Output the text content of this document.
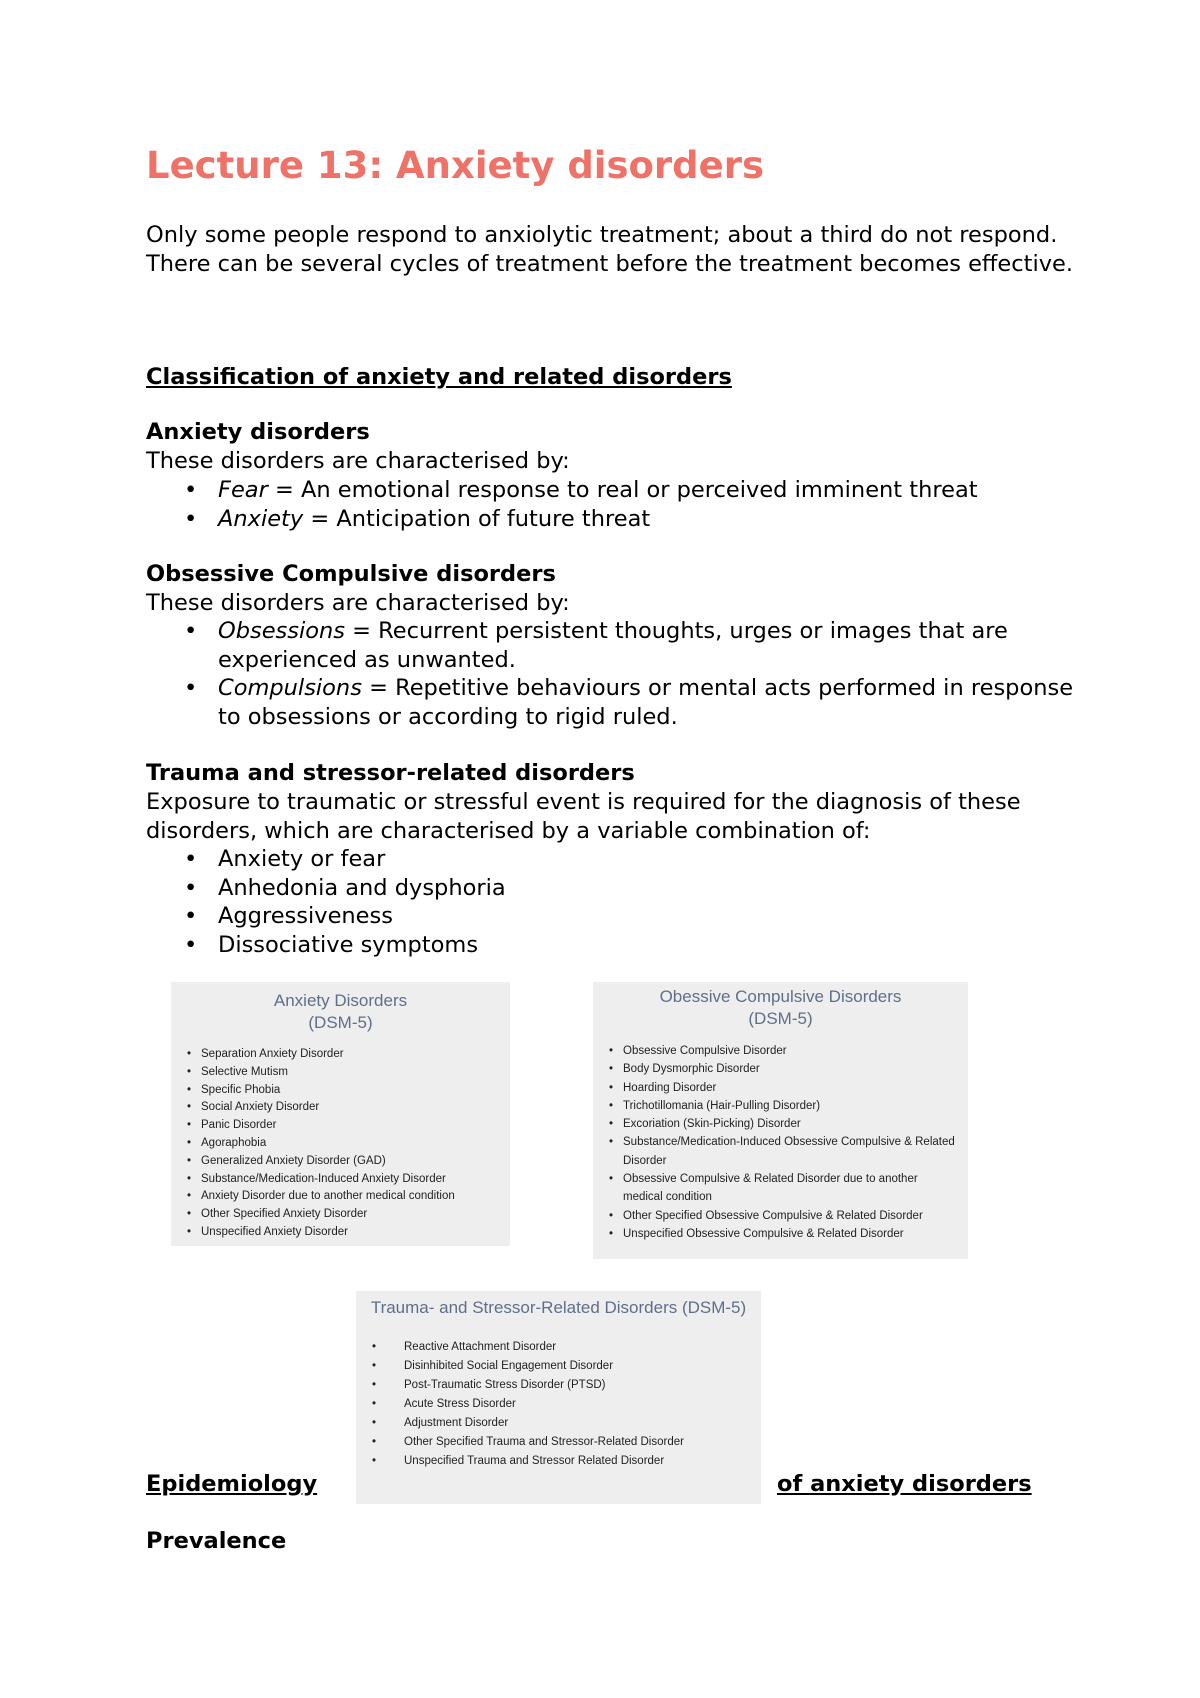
Lecture 13: Anxiety disorders

Only some people respond to anxiolytic treatment; about a third do not respond. There can be several cycles of treatment before the treatment becomes effective.

Classification of anxiety and related disorders

Anxiety disorders

These disorders are characterised by:

• Fear = An emotional response to real or perceived imminent threat
• Anxiety = Anticipation of future threat

Obsessive Compulsive disorders

These disorders are characterised by:

• Obsessions = Recurrent persistent thoughts, urges or images that are experienced as unwanted.
• Compulsions = Repetitive behaviours or mental acts performed in response to obsessions or according to rigid ruled.

Trauma and stressor-related disorders

Exposure to traumatic or stressful event is required for the diagnosis of these disorders, which are characterised by a variable combination of:

• Anxiety or fear
• Anhedonia and dysphoria
• Aggressiveness
• Dissociative symptoms

Anxiety Disorders

(DSM-5)

• Separation Anxiety Disorder
• Selective Mutism
• Specific Phobia
• Social Anxiety Disorder
• Panic Disorder
• Agoraphobia
• Generalized Anxiety Disorder (GAD)
• Substance/Medication-Induced Anxiety Disorder
• Anxiety Disorder due to another medical condition
• Other Specified Anxiety Disorder
• Unspecified Anxiety Disorder

Obessive Compulsive Disorders

(DSM-5)

• Obsessive Compulsive Disorder
• Body Dysmorphic Disorder
• Hoarding Disorder
• Trichotillomania (Hair-Pulling Disorder)
• Excoriation (Skin-Picking) Disorder
• Substance/Medication-Induced Obsessive Compulsive & Related Disorder
• Obsessive Compulsive & Related Disorder due to another medical condition
• Other Specified Obsessive Compulsive & Related Disorder
• Unspecified Obsessive Compulsive & Related Disorder

Trauma- and Stressor-Related Disorders (DSM-5)

• Reactive Attachment Disorder
• Disinhibited Social Engagement Disorder
• Post-Traumatic Stress Disorder (PTSD)
• Acute Stress Disorder
• Adjustment Disorder
• Other Specified Trauma and Stressor-Related Disorder
• Unspecified Trauma and Stressor Related Disorder

Epidemiology	of anxiety disorders

Prevalence
